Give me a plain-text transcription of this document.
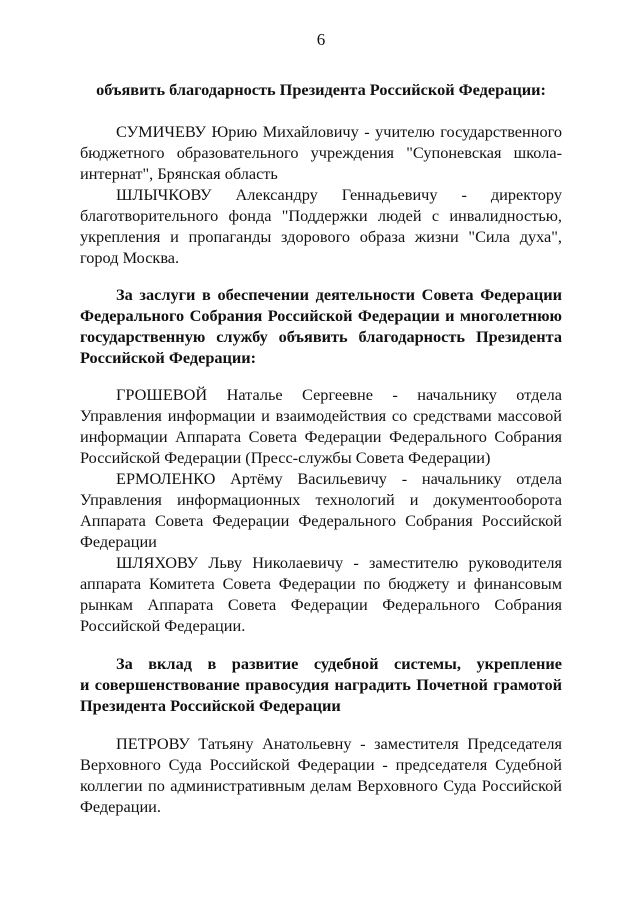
6
объявить благодарность Президента Российской Федерации:
СУМИЧЕВУ Юрию Михайловичу - учителю государственного
бюджетного образовательного учреждения "Супоневская школа-
интернат", Брянская область
ШЛЫЧКОВУ Александру Геннадьевичу - директору
благотворительного фонда "Поддержки людей с инвалидностью,
укрепления и пропаганды здорового образа жизни "Сила духа",
город Москва.
За заслуги в обеспечении деятельности Совета Федерации
Федерального Собрания Российской Федерации и многолетнюю
государственную службу объявить благодарность Президента
Российской Федерации:
ГРОШЕВОЙ Наталье Сергеевне - начальнику отдела
Управления информации и взаимодействия со средствами массовой
информации Аппарата Совета Федерации Федерального Собрания
Российской Федерации (Пресс-службы Совета Федерации)
ЕРМОЛЕНКО Артёму Васильевичу - начальнику отдела
Управления информационных технологий и документооборота
Аппарата Совета Федерации Федерального Собрания Российской
Федерации
ШЛЯХОВУ Льву Николаевичу - заместителю руководителя
аппарата Комитета Совета Федерации по бюджету и финансовым
рынкам Аппарата Совета Федерации Федерального Собрания
Российской Федерации.
За вклад в развитие судебной системы, укрепление
и совершенствование правосудия наградить Почетной грамотой
Президента Российской Федерации
ПЕТРОВУ Татьяну Анатольевну - заместителя Председателя
Верховного Суда Российской Федерации - председателя Судебной
коллегии по административным делам Верховного Суда Российской
Федерации.
